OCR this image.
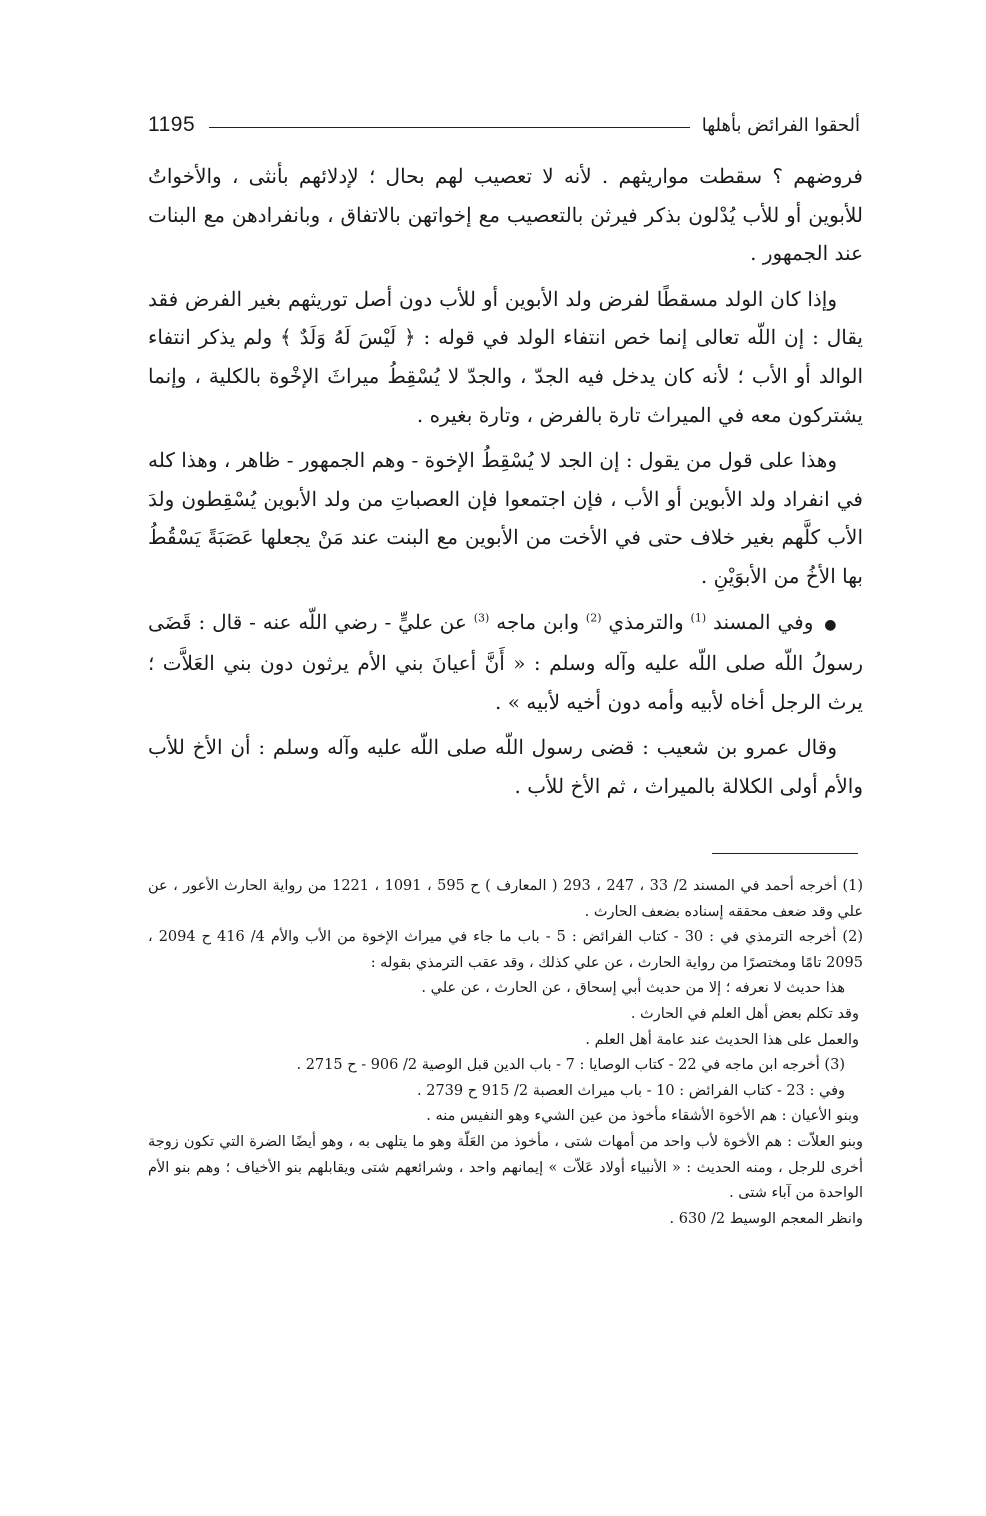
1195	ألحقوا الفرائض بأهلها

فروضهم ؟ سقطت مواريثهم . لأنه لا تعصيب لهم بحال ؛ لإدلائهم بأنثى ، والأخواتُ للأبوين أو للأب يُدْلون بذكر فيرثن بالتعصيب مع إخواتهن بالاتفاق ، وبانفرادهن مع البنات عند الجمهور .

وإذا كان الولد مسقطًا لفرض ولد الأبوين أو للأب دون أصل توريثهم بغير الفرض فقد يقال : إن اللّه تعالى إنما خص انتفاء الولد في قوله : ﴿ لَيْسَ لَهُ وَلَدٌ ﴾ ولم يذكر انتفاء الوالد أو الأب ؛ لأنه كان يدخل فيه الجدّ ، والجدّ لا يُسْقِطُ ميراثَ الإخْوة بالكلية ، وإنما يشتركون معه في الميراث تارة بالفرض ، وتارة بغيره .

وهذا على قول من يقول : إن الجد لا يُسْقِطُ الإخوة - وهم الجمهور - ظاهر ، وهذا كله في انفراد ولد الأبوين أو الأب ، فإن اجتمعوا فإن العصباتِ من ولد الأبوين يُسْقِطون ولدَ الأب كلَّهم بغير خلاف حتى في الأخت من الأبوين مع البنت عند مَنْ يجعلها عَصَبَةً يَسْقُطُ بها الأخُ من الأبوَيْنِ .

● وفي المسند $^{(1)}$ والترمذي $^{(2)}$ وابن ماجه $^{(3)}$ عن عليٍّ - رضي اللّه عنه - قال : قَضَى رسولُ اللّه صلى اللّه عليه وآله وسلم : « أَنَّ أعيانَ بني الأم يرثون دون بني العَلاَّت ؛ يرث الرجل أخاه لأبيه وأمه دون أخيه لأبيه » .

وقال عمرو بن شعيب : قضى رسول اللّه صلى اللّه عليه وآله وسلم : أن الأخ للأب والأم أولى الكلالة بالميراث ، ثم الأخ للأب .

(1) أخرجه أحمد في المسند 2/ 33 ، 247 ، 293 ( المعارف ) ح 595 ، 1091 ، 1221 من رواية الحارث الأعور ، عن علي وقد ضعف محققه إسناده بضعف الحارث .

(2) أخرجه الترمذي في : 30 - كتاب الفرائض : 5 - باب ما جاء في ميراث الإخوة من الأب والأم 4/ 416 ح 2094 ، 2095 تامًا ومختصرًا من رواية الحارث ، عن علي كذلك ، وقد عقب الترمذي بقوله :

هذا حديث لا نعرفه ؛ إلا من حديث أبي إسحاق ، عن الحارث ، عن علي .

وقد تكلم بعض أهل العلم في الحارث .

والعمل على هذا الحديث عند عامة أهل العلم .

(3) أخرجه ابن ماجه في 22 - كتاب الوصايا : 7 - باب الدين قبل الوصية 2/ 906 - ح 2715 .

وفي : 23 - كتاب الفرائض : 10 - باب ميراث العصبة 2/ 915 ح 2739 .

وبنو الأعيان : هم الأخوة الأشقاء مأخوذ من عين الشيء وهو النفيس منه .

وبنو العلاّت : هم الأخوة لأب واحد من أمهات شتى ، مأخوذ من العَلّة وهو ما يتلهى به ، وهو أيضًا الضرة التي تكون زوجة أخرى للرجل ، ومنه الحديث : « الأنبياء أولاد عَلاّت » إيمانهم واحد ، وشرائعهم شتى ويقابلهم بنو الأخياف ؛ وهم بنو الأم الواحدة من آباء شتى .

وانظر المعجم الوسيط 2/ 630 .
